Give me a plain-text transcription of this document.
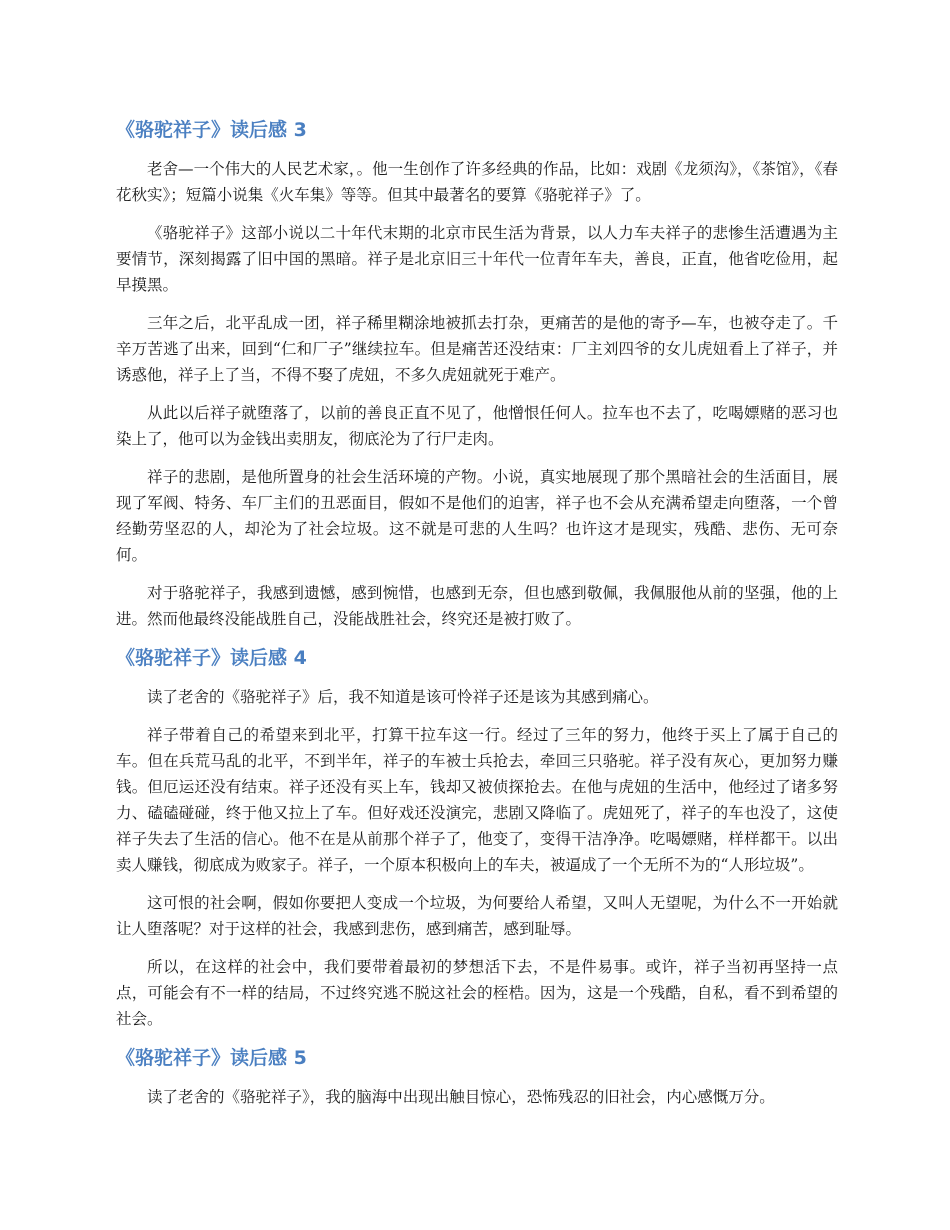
《骆驼祥子》读后感 3

老舍—一个伟大的人民艺术家，。他一生创作了许多经典的作品，比如：戏剧《龙须沟》，《茶馆》，《春花秋实》；短篇小说集《火车集》等等。但其中最著名的要算《骆驼祥子》了。

《骆驼祥子》这部小说以二十年代末期的北京市民生活为背景，以人力车夫祥子的悲惨生活遭遇为主要情节，深刻揭露了旧中国的黑暗。祥子是北京旧三十年代一位青年车夫，善良，正直，他省吃俭用，起早摸黑。

三年之后，北平乱成一团，祥子稀里糊涂地被抓去打杂，更痛苦的是他的寄予—车，也被夺走了。千辛万苦逃了出来，回到“仁和厂子”继续拉车。但是痛苦还没结束：厂主刘四爷的女儿虎妞看上了祥子，并诱惑他，祥子上了当，不得不娶了虎妞，不多久虎妞就死于难产。

从此以后祥子就堕落了，以前的善良正直不见了，他憎恨任何人。拉车也不去了，吃喝嫖赌的恶习也染上了，他可以为金钱出卖朋友，彻底沦为了行尸走肉。

祥子的悲剧，是他所置身的社会生活环境的产物。小说，真实地展现了那个黑暗社会的生活面目，展现了军阀、特务、车厂主们的丑恶面目，假如不是他们的迫害，祥子也不会从充满希望走向堕落，一个曾经勤劳坚忍的人，却沦为了社会垃圾。这不就是可悲的人生吗？也许这才是现实，残酷、悲伤、无可奈何。

对于骆驼祥子，我感到遗憾，感到惋惜，也感到无奈，但也感到敬佩，我佩服他从前的坚强，他的上进。然而他最终没能战胜自己，没能战胜社会，终究还是被打败了。

《骆驼祥子》读后感 4

读了老舍的《骆驼祥子》后，我不知道是该可怜祥子还是该为其感到痛心。

祥子带着自己的希望来到北平，打算干拉车这一行。经过了三年的努力，他终于买上了属于自己的车。但在兵荒马乱的北平，不到半年，祥子的车被士兵抢去，牵回三只骆驼。祥子没有灰心，更加努力赚钱。但厄运还没有结束。祥子还没有买上车，钱却又被侦探抢去。在他与虎妞的生活中，他经过了诸多努力、磕磕碰碰，终于他又拉上了车。但好戏还没演完，悲剧又降临了。虎妞死了，祥子的车也没了，这使祥子失去了生活的信心。他不在是从前那个祥子了，他变了，变得干洁净净。吃喝嫖赌，样样都干。以出卖人赚钱，彻底成为败家子。祥子，一个原本积极向上的车夫，被逼成了一个无所不为的“人形垃圾”。

这可恨的社会啊，假如你要把人变成一个垃圾，为何要给人希望，又叫人无望呢，为什么不一开始就让人堕落呢？对于这样的社会，我感到悲伤，感到痛苦，感到耻辱。

所以，在这样的社会中，我们要带着最初的梦想活下去，不是件易事。或许，祥子当初再坚持一点点，可能会有不一样的结局，不过终究逃不脱这社会的桎梏。因为，这是一个残酷，自私，看不到希望的社会。

《骆驼祥子》读后感 5

读了老舍的《骆驼祥子》，我的脑海中出现出触目惊心，恐怖残忍的旧社会，内心感慨万分。
